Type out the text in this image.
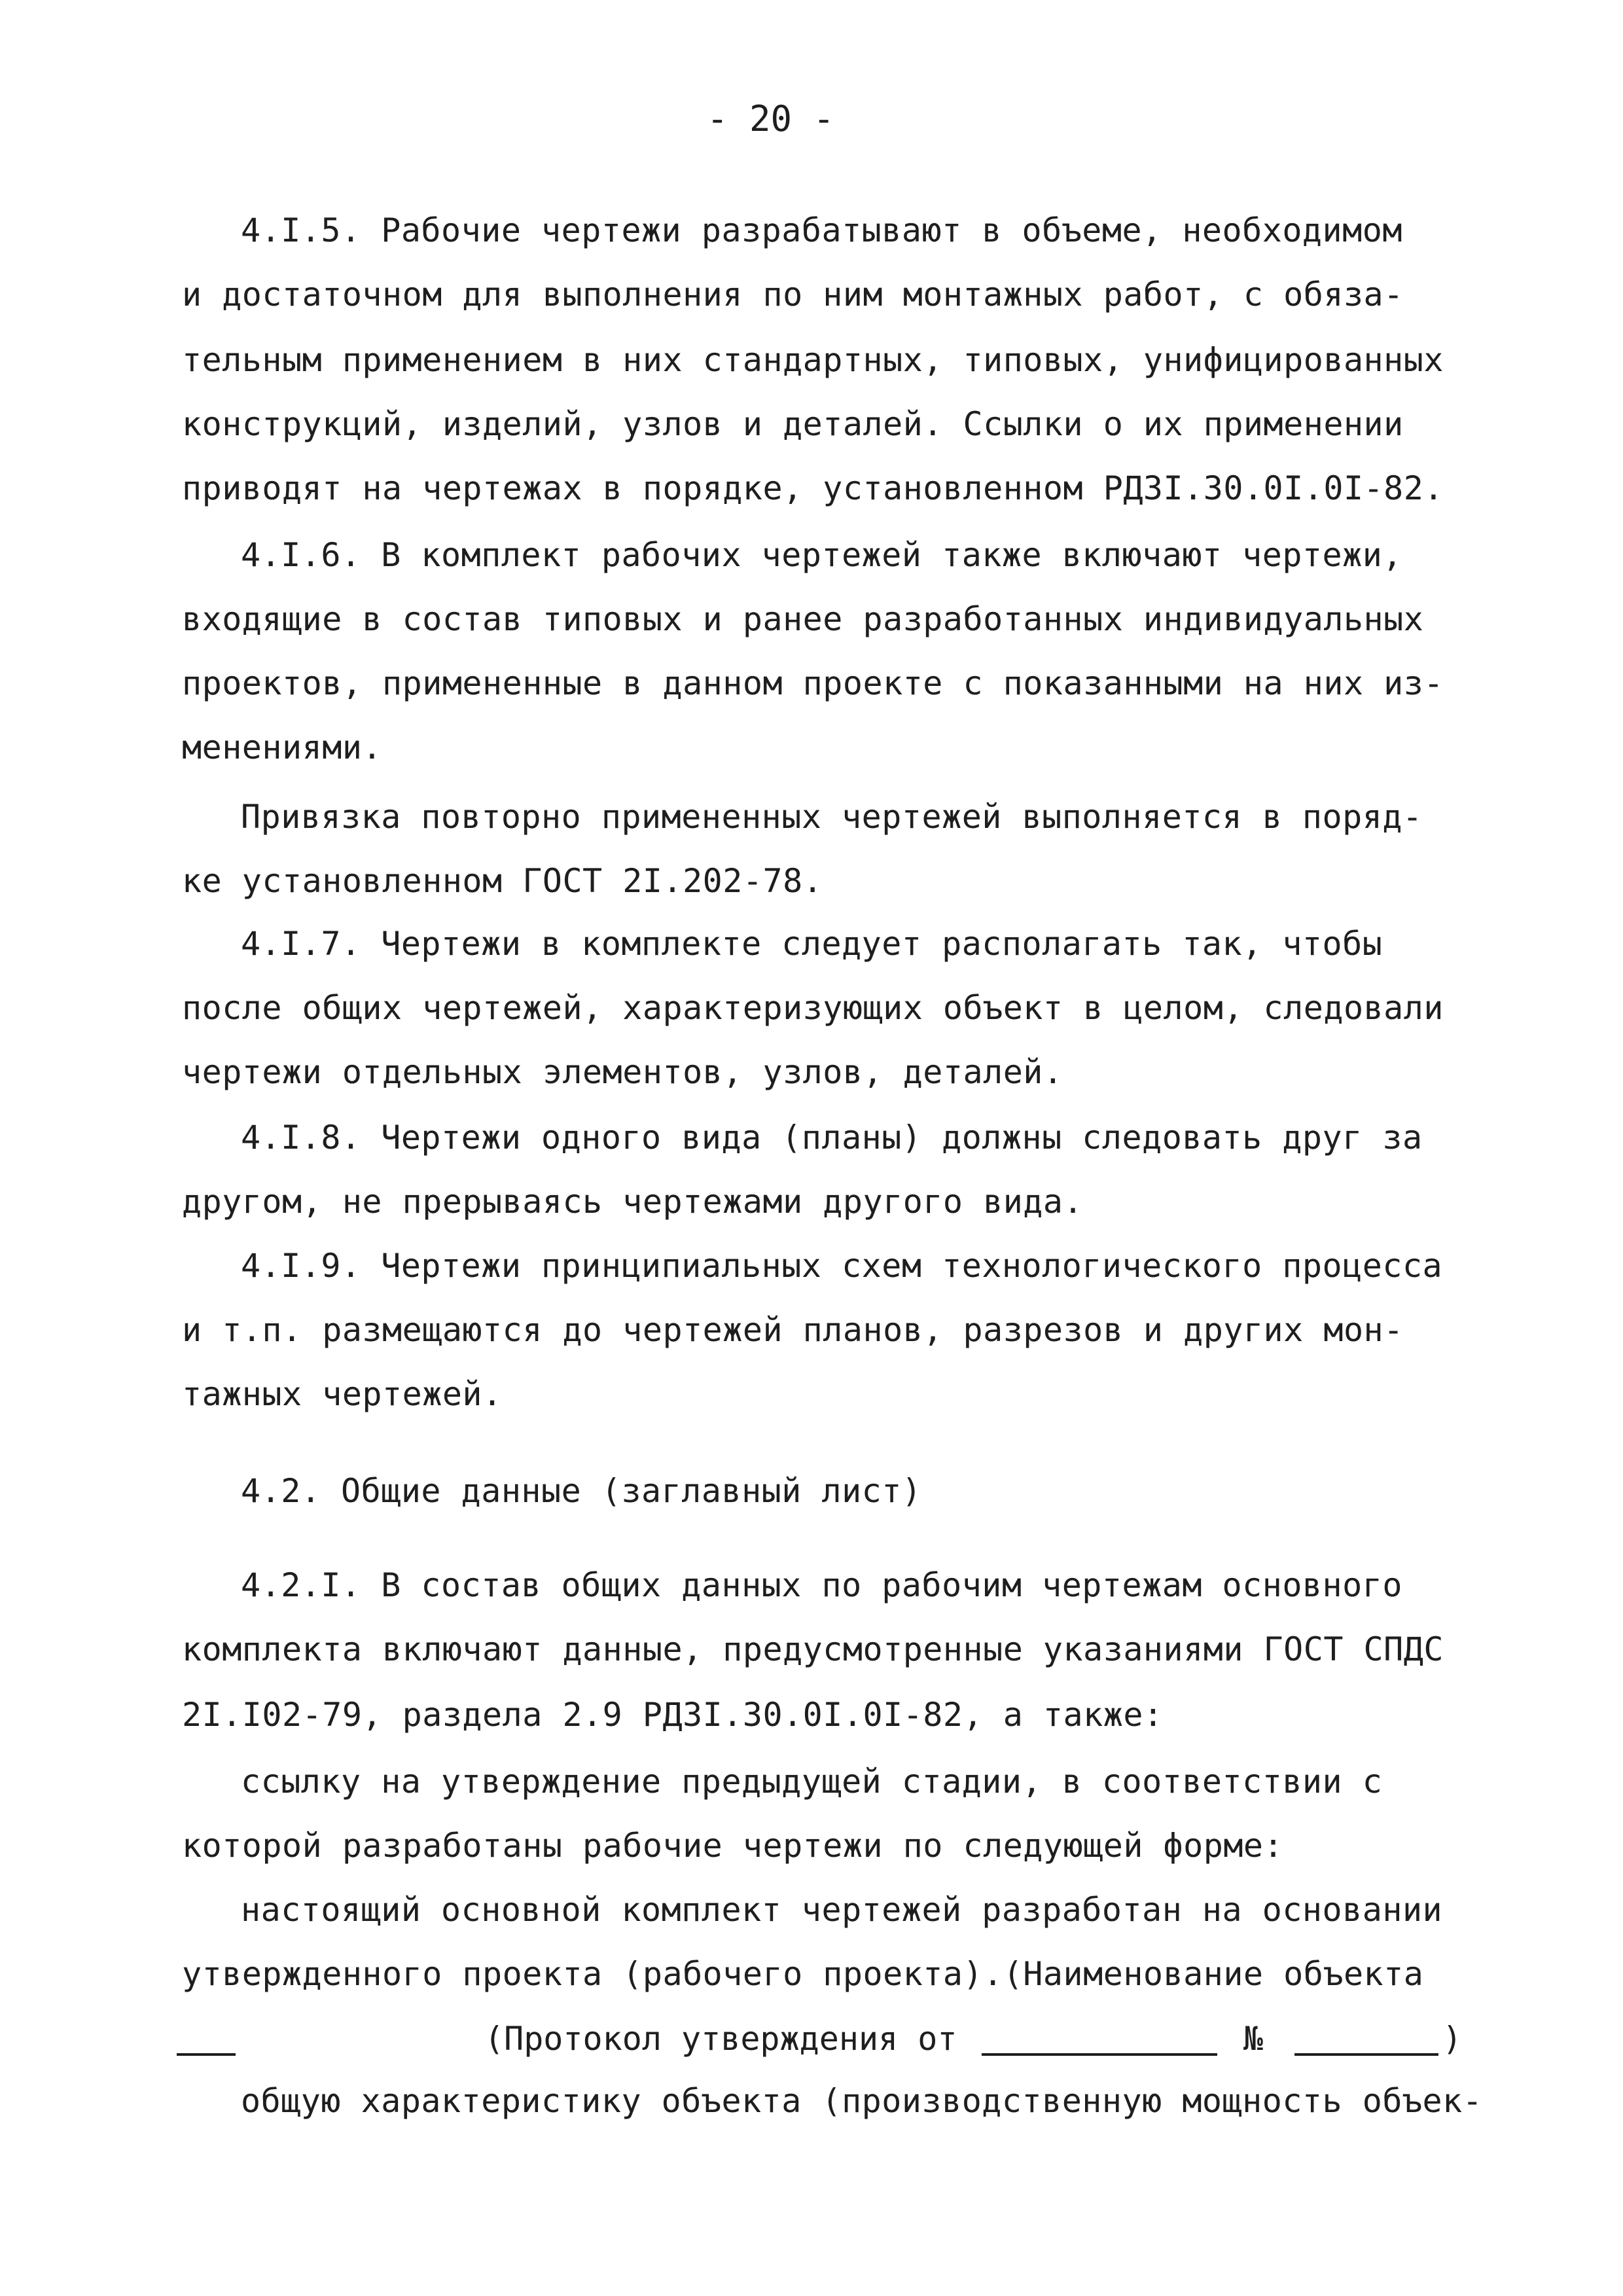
- 20 -
4.I.5. Рабочие чертежи разрабатывают в объеме, необходимом
и достаточном для выполнения по ним монтажных работ, с обяза-
тельным применением в них стандартных, типовых, унифицированных
конструкций, изделий, узлов и деталей. Ссылки о их применении
приводят на чертежах в порядке, установленном РДЗI.30.0I.0I-82.
4.I.6. В комплект рабочих чертежей также включают чертежи,
входящие в состав типовых и ранее разработанных индивидуальных
проектов, примененные в данном проекте с показанными на них из-
менениями.
Привязка повторно примененных чертежей выполняется в поряд-
ке установленном ГОСТ 2I.202-78.
4.I.7. Чертежи в комплекте следует располагать так, чтобы
после общих чертежей, характеризующих объект в целом, следовали
чертежи отдельных элементов, узлов, деталей.
4.I.8. Чертежи одного вида (планы) должны следовать друг за
другом, не прерываясь чертежами другого вида.
4.I.9. Чертежи принципиальных схем технологического процесса
и т.п. размещаются до чертежей планов, разрезов и других мон-
тажных чертежей.
4.2. Общие данные (заглавный лист)
4.2.I. В состав общих данных по рабочим чертежам основного
комплекта включают данные, предусмотренные указаниями ГОСТ СПДС
2I.I02-79, раздела 2.9 РДЗI.30.0I.0I-82, а также:
ссылку на утверждение предыдущей стадии, в соответствии с
которой разработаны рабочие чертежи по следующей форме:
настоящий основной комплект чертежей разработан на основании
утвержденного проекта (рабочего проекта).(Наименование объекта
(Протокол утверждения от	№	)
общую характеристику объекта (производственную мощность объек-
